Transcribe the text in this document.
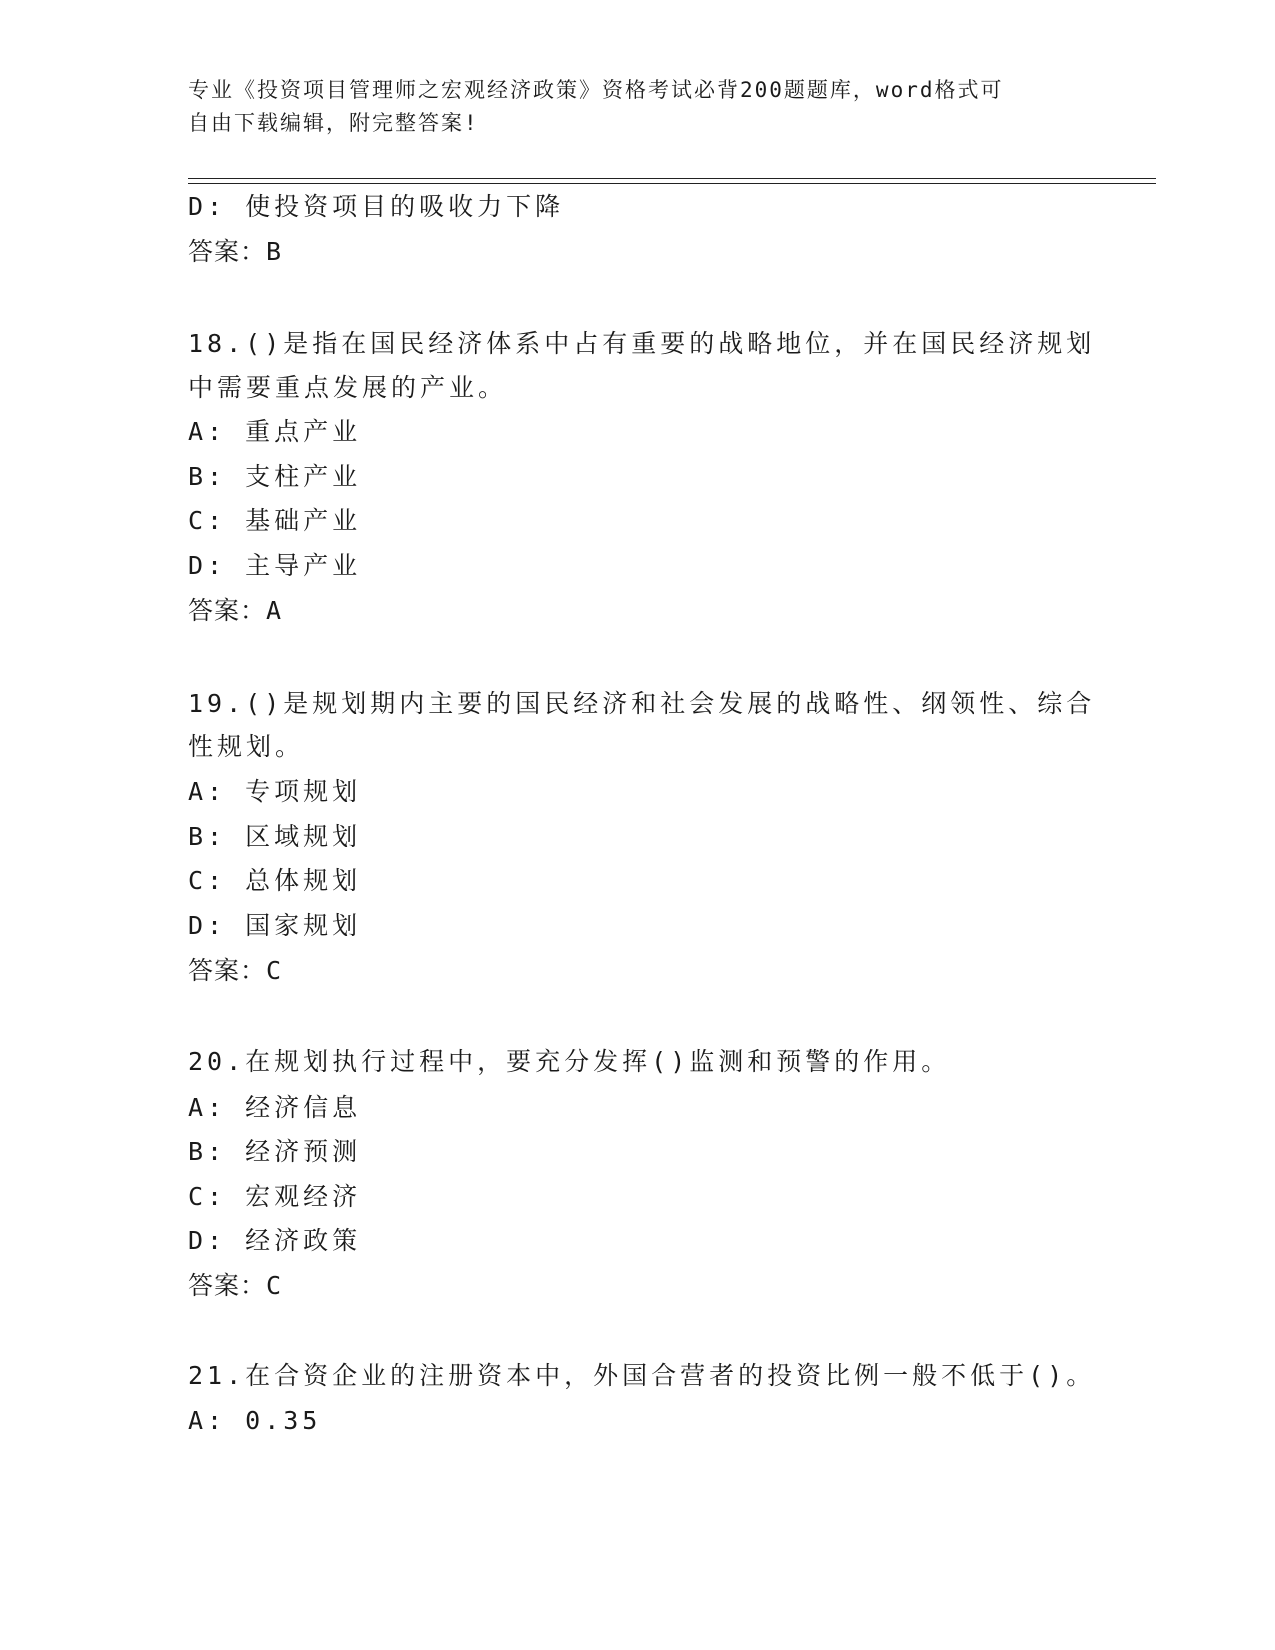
专业《投资项目管理师之宏观经济政策》资格考试必背200题题库，word格式可
自由下载编辑，附完整答案!
D: 使投资项目的吸收力下降
答案：B
18.()是指在国民经济体系中占有重要的战略地位，并在国民经济规划
中需要重点发展的产业。
A: 重点产业
B: 支柱产业
C: 基础产业
D: 主导产业
答案：A
19.()是规划期内主要的国民经济和社会发展的战略性、纲领性、综合
性规划。
A: 专项规划
B: 区域规划
C: 总体规划
D: 国家规划
答案：C
20.在规划执行过程中，要充分发挥()监测和预警的作用。
A: 经济信息
B: 经济预测
C: 宏观经济
D: 经济政策
答案：C
21.在合资企业的注册资本中，外国合营者的投资比例一般不低于()。
A: 0.35
